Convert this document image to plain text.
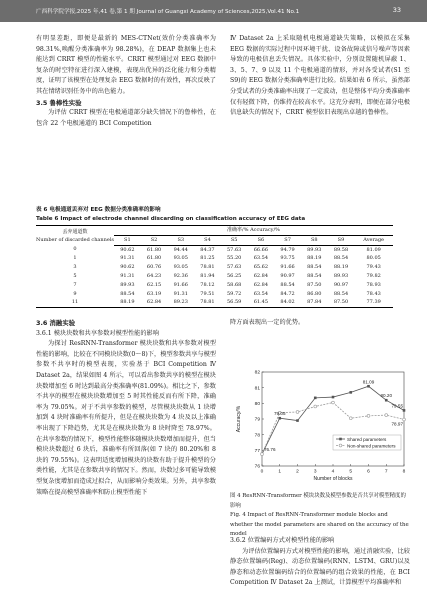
广西科学院学报,2025 年,41 卷,第 1 期 Journal of Guangxi Academy of Sciences,2025,Vol.41 No.1	33

有明显差距，即便是最新的 MES-CTNet(效价分类准确率为 98.31%,唤醒分类准确率为 98.28%)，在 DEAP 数据集上也未能达到 CRRT 模型的性能水平。CRRT 模型通过对 EEG 数据中复杂的时空特征进行深入建模，表现出优异的泛化能力和分类精度，证明了该模型在处理复杂 EEG 数据时的有效性，再次反映了其在情绪识别任务中的出色能力。

3.5 鲁棒性实验

为评估 CRRT 模型在电极通道部分缺失情况下的鲁棒性，在包含 22 个电极通道的 BCI Competition

Ⅳ Dataset 2a 上采取随机电极通道缺失策略，以模拟在采集 EEG 数据的实际过程中因环境干扰、设备故障或信号噪声等因素导致的电极信息丢失情况。具体实验中，分别设置随机屏蔽 1、3、5、7、9 以及 11 个电极通道的情形，并对各受试者(S1 至 S9)的 EEG 数据分类准确率进行比较。结果如表 6 所示，虽然部分受试者的分类准确率出现了一定波动，但是整体平均分类准确率仅有轻微下降，仍维持在较高水平。这充分表明，即便在部分电极信息缺失的情况下，CRRT 模型依旧表现出卓越的鲁棒性。

表 6 电极通道丢弃对 EEG 数据分类准确率的影响
Table 6 Impact of electrode channel discarding on classification accuracy of EEG data
丢弃通道数
Number of discarded channels	准确率/% Accuracy/%									
	S1	S2	S3	S4	S5	S6	S7	S8	S9	Average
0	90.62	61.80	94.44	84.37	57.63	66.66	94.79	89.93	89.58	81.09
1	91.31	61.80	93.05	81.25	55.20	63.54	93.75	88.19	88.54	80.05
3	90.62	60.76	93.05	78.81	57.63	65.62	91.66	88.54	88.19	79.43
5	91.31	64.23	92.36	81.94	56.25	62.84	90.97	88.54	89.93	79.82
7	89.93	62.15	91.66	78.12	58.68	62.84	88.54	87.50	90.97	78.93
9	88.54	63.19	91.31	79.51	59.72	63.54	84.72	86.80	88.54	78.43
11	88.19	62.84	89.23	78.81	56.59	61.45	84.02	87.84	87.50	77.39

3.6 消融实验

3.6.1 模块块数和共享参数对模型性能的影响

为探讨 ResRNN-Transformer 模块块数和共享参数对模型性能的影响，比较在不同模块块数(0～8)下，模型参数共享与模型参数不共享时的模型表现，实验基于 BCI Competition Ⅳ Dataset 2a，结果如图 4 所示，可以看出参数共享的模型在模块块数增加至 6 时达到最高分类准确率(81.09%)。相比之下，参数不共享的模型在模块块数增加至 5 时其性能反而有所下降，准确率为 79.05%。对于不共享参数的模型，尽管模块块数从 1 块增加到 4 块时准确率有所提升，但是在模块块数为 4 块及以上准确率出现了下降趋势，尤其是在模块块数为 8 块时降至 78.97%。在共享参数的情况下，模型性能整体随模块块数增加而提升，但当模块块数超过 6 块后，准确率有所回落(如 7 块的 80.20%和 8 块的 79.55%)。这表明适度增加模块的块数有助于提升模型的分类性能，尤其是在参数共享的情况下。然而，块数过多可能导致模型复杂度增加而造成过拟合，从而影响分类效果。另外，共享参数策略在提高模型准确率和防止模型性能下

降方面表现出一定的优势。

76
77
78
79
80
81
82
0	1	2	3	4	5	6	7	8
Accuracy/%
Number of blocks
76.76
79.05
81.09
80.20
79.55
78.97
Shared parameters
Non-shared parameters

图 4 ResRNN-Transformer 模块块数及模型参数是否共享对模型精度的影响

Fig. 4 Impact of ResRNN-Transformer module blocks and whether the model parameters are shared on the accuracy of the model

3.6.2 位置编码方式对模型性能的影响

为评估位置编码方式对模型性能的影响，通过消融实验，比较静态位置编码(Reg)、动态位置编码(RNN、LSTM、GRU)以及静态和动态位置编码结合的位置编码的组合效果的性能，在 BCI Competition Ⅳ Dataset 2a 上测试，计算模型平均准确率和
